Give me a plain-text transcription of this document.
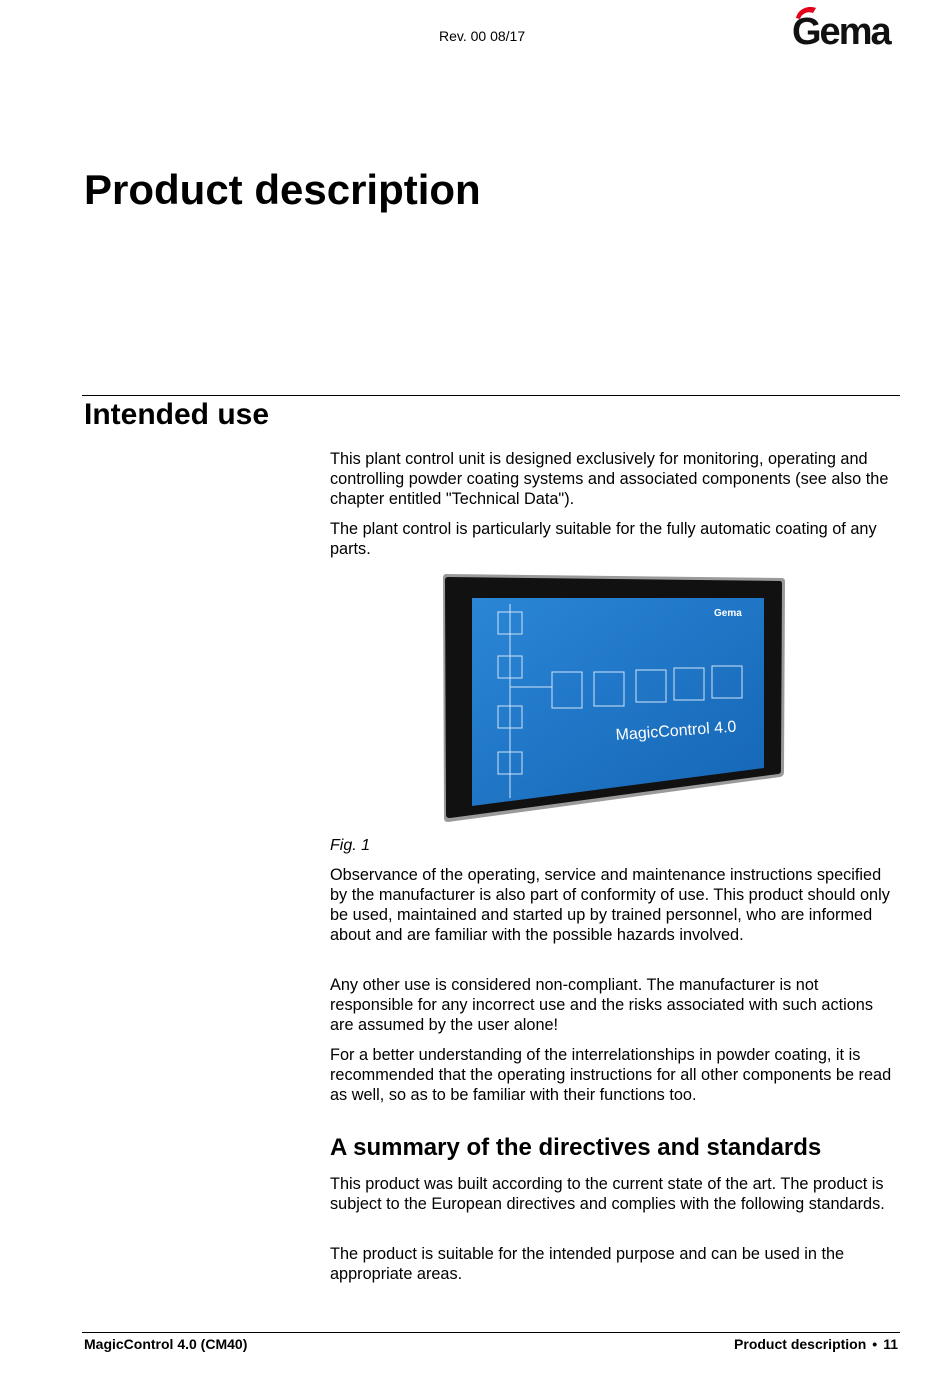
Rev. 00 08/17	Gema
Product description
Intended use

This plant control unit is designed exclusively for monitoring, operating and controlling powder coating systems and associated components (see also the chapter entitled "Technical Data").

The plant control is particularly suitable for the fully automatic coating of any parts.

Gema
MagicControl 4.0

Fig. 1

Observance of the operating, service and maintenance instructions specified by the manufacturer is also part of conformity of use. This product should only be used, maintained and started up by trained personnel, who are informed about and are familiar with the possible hazards involved.

Any other use is considered non-compliant. The manufacturer is not responsible for any incorrect use and the risks associated with such actions are assumed by the user alone!

For a better understanding of the interrelationships in powder coating, it is recommended that the operating instructions for all other components be read as well, so as to be familiar with their functions too.

A summary of the directives and standards

This product was built according to the current state of the art. The product is subject to the European directives and complies with the following standards.

The product is suitable for the intended purpose and can be used in the appropriate areas.

MagicControl 4.0 (CM40)	Product description • 11
